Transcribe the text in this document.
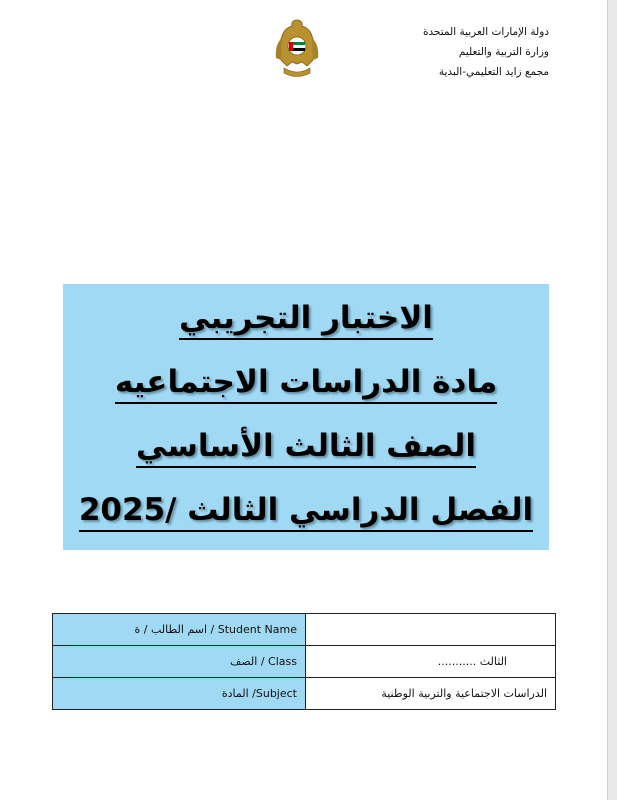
دولة الإمارات العربية المتحدة
وزارة التربية والتعليم
مجمع زايد التعليمي-البدية
الاختبار التجريبي
مادة الدراسات الاجتماعيه
الصف الثالث الأساسي
الفصل الدراسي الثالث /2025
Student Name / اسم الطالب / ة	
Class / الصف	الثالث ...........
Subject/ المادة	الدراسات الاجتماعية والتربية الوطنية
